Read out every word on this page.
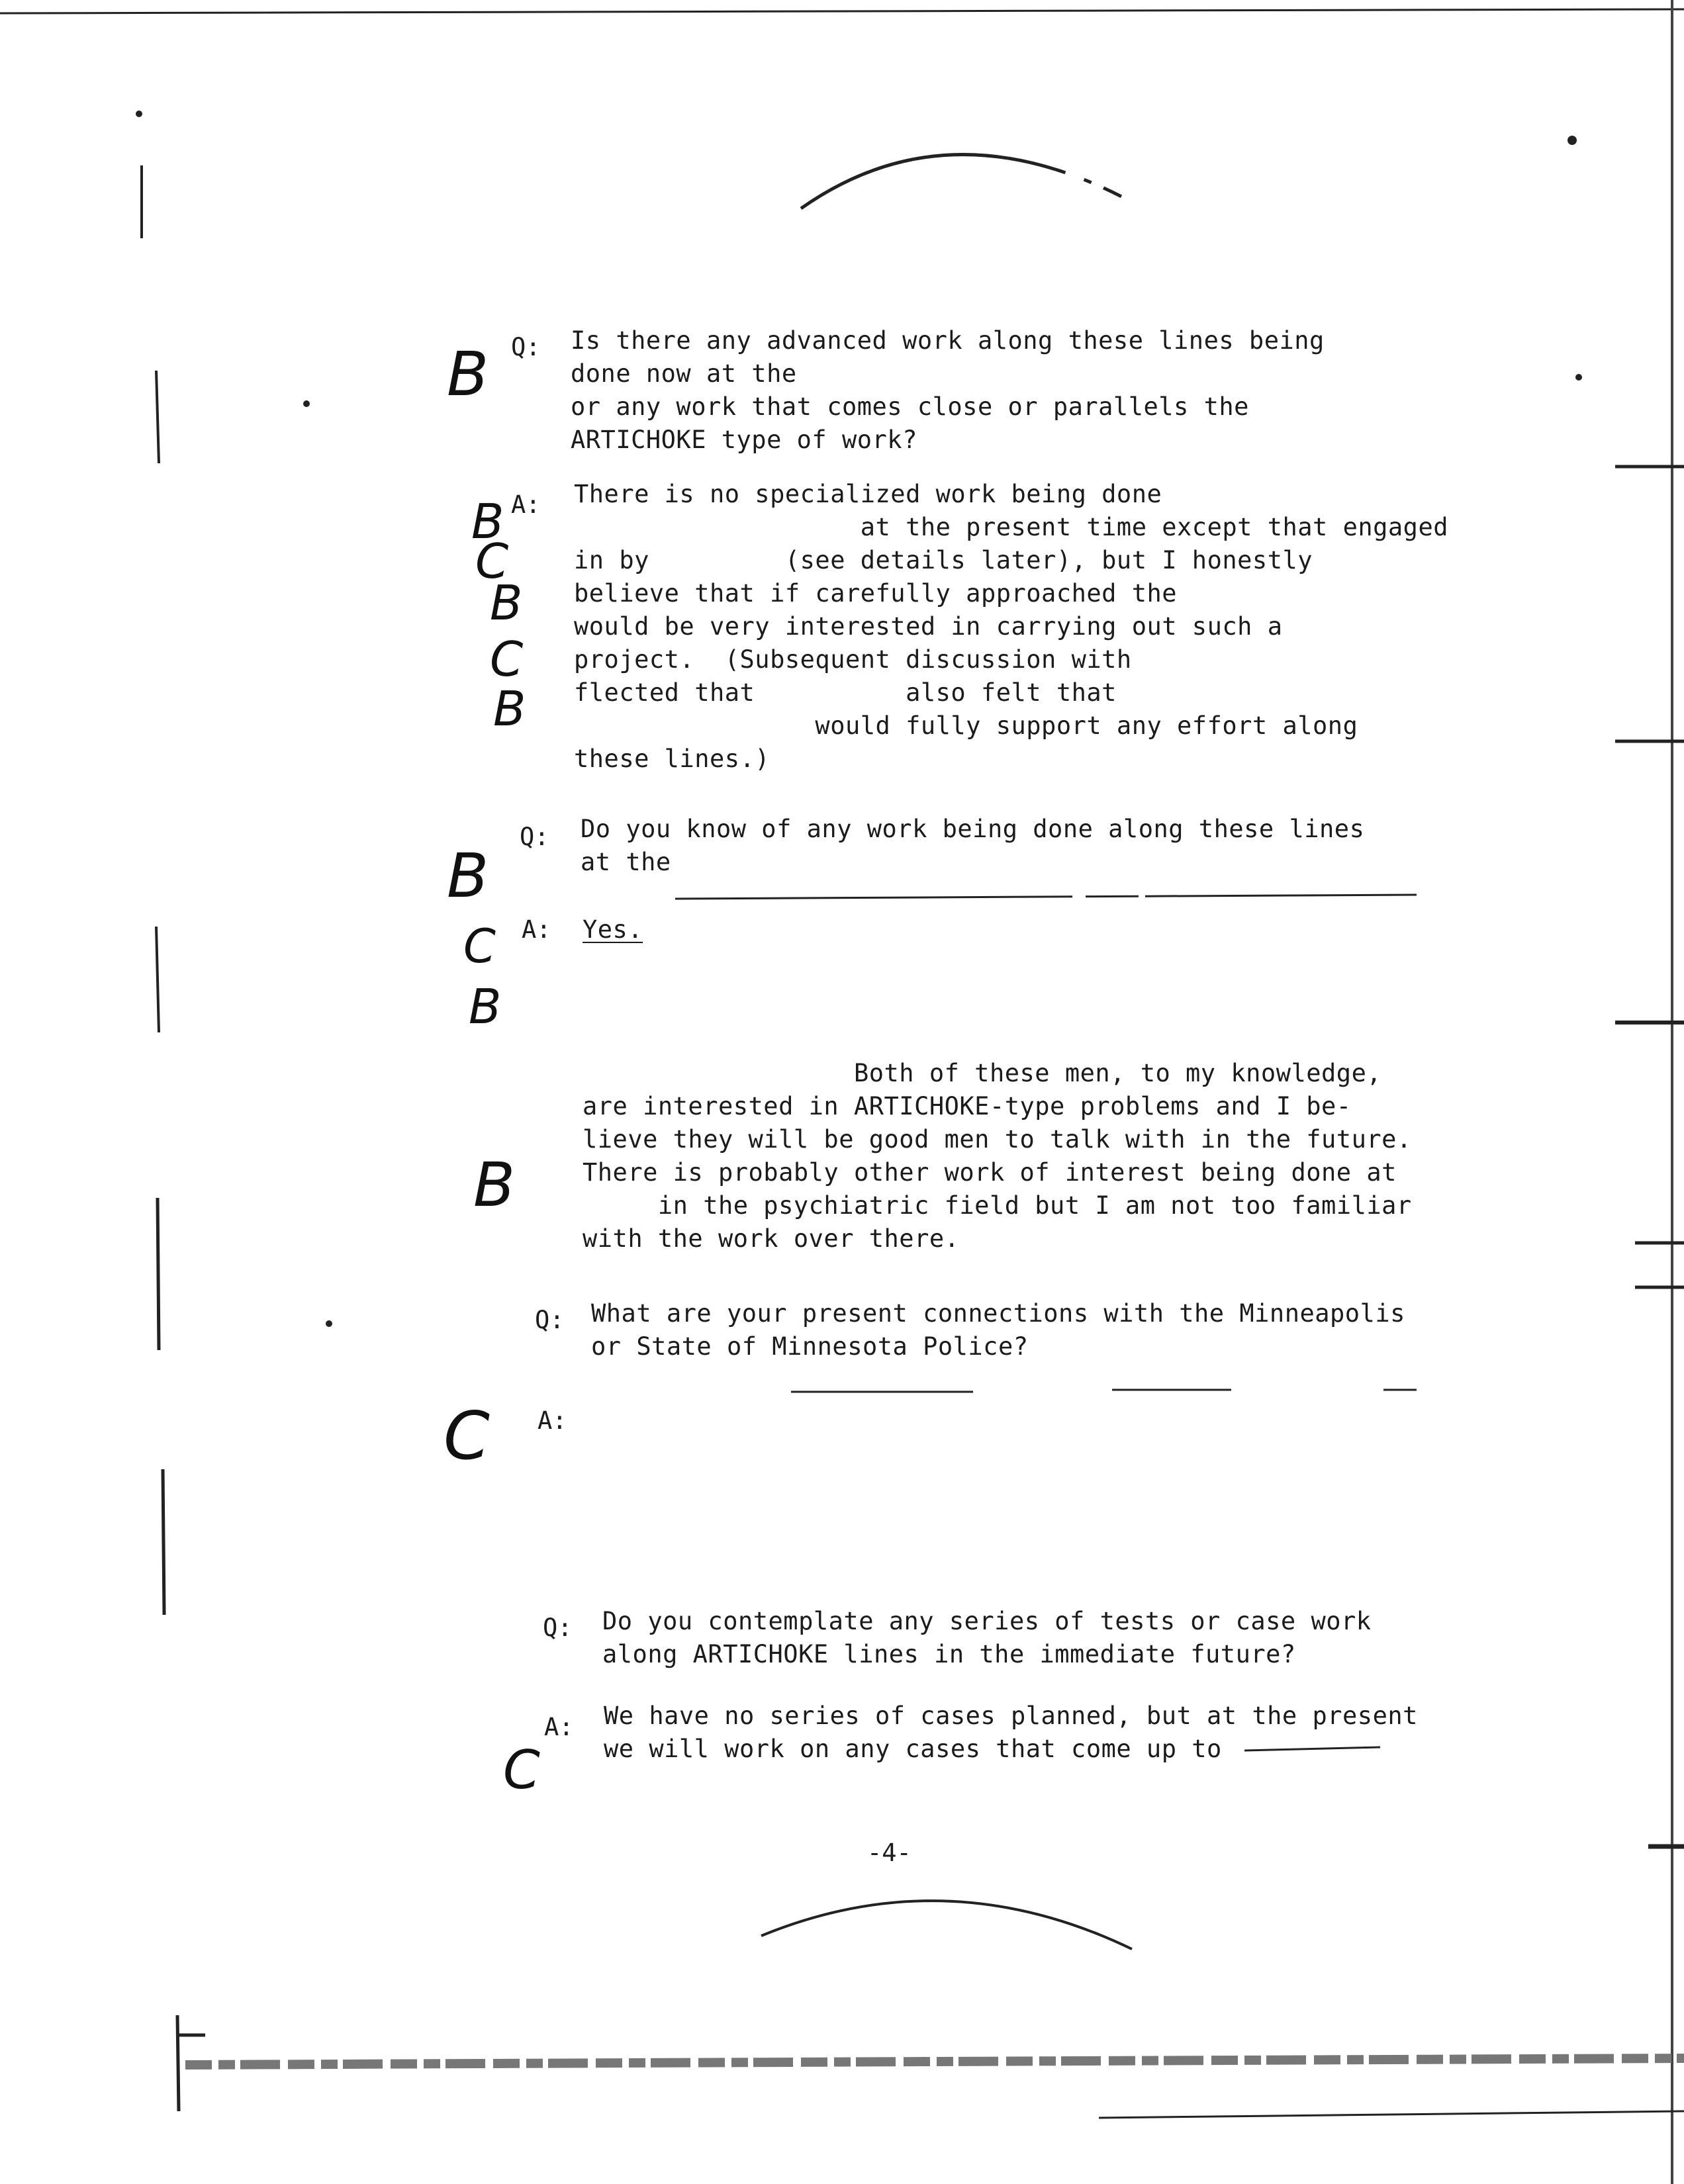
Q: Is there any advanced work along these lines being
done now at the
or any work that comes close or parallels the
ARTICHOKE type of work?
A: There is no specialized work being done
at the present time except that engaged
in by         (see details later), but I honestly
believe that if carefully approached the
would be very interested in carrying out such a
project.  (Subsequent discussion with
flected that          also felt that
would fully support any effort along
these lines.)
Q: Do you know of any work being done along these lines
at the
A: Yes.
Both of these men, to my knowledge,
are interested in ARTICHOKE-type problems and I be-
lieve they will be good men to talk with in the future.
There is probably other work of interest being done at
in the psychiatric field but I am not too familiar
with the work over there.
Q: What are your present connections with the Minneapolis
or State of Minnesota Police?
A:
Q: Do you contemplate any series of tests or case work
along ARTICHOKE lines in the immediate future?
A: We have no series of cases planned, but at the present
we will work on any cases that come up to
B
B
C
B
C
B
B
C
B
B
C
C
-4-
